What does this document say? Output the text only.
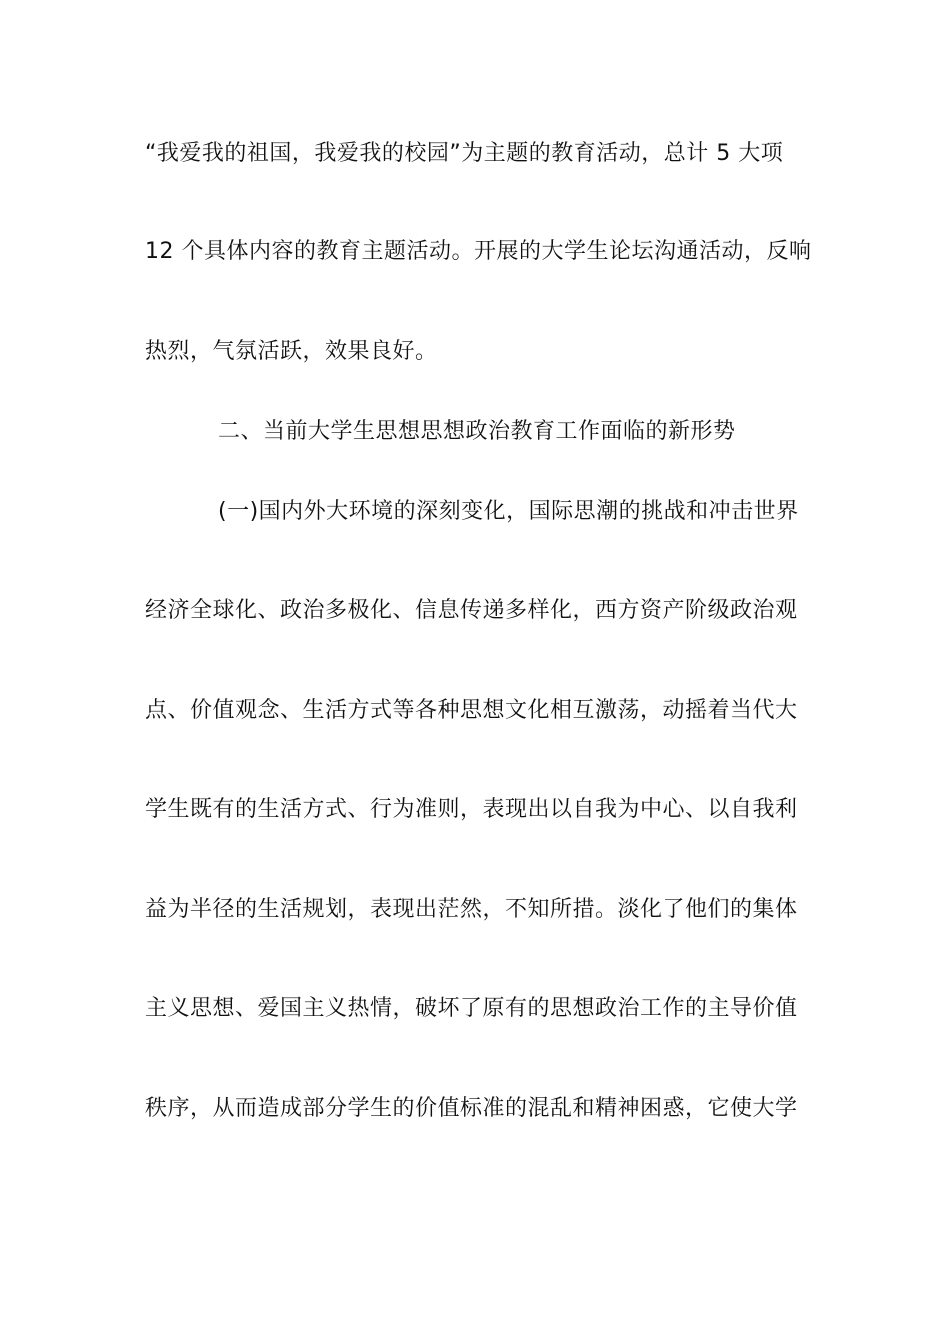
“我爱我的祖国，我爱我的校园”为主题的教育活动，总计 5 大项
12 个具体内容的教育主题活动。开展的大学生论坛沟通活动，反响
热烈，气氛活跃，效果良好。
二、当前大学生思想思想政治教育工作面临的新形势
(一)国内外大环境的深刻变化，国际思潮的挑战和冲击世界
经济全球化、政治多极化、信息传递多样化，西方资产阶级政治观
点、价值观念、生活方式等各种思想文化相互激荡，动摇着当代大
学生既有的生活方式、行为准则，表现出以自我为中心、以自我利
益为半径的生活规划，表现出茫然，不知所措。淡化了他们的集体
主义思想、爱国主义热情，破坏了原有的思想政治工作的主导价值
秩序，从而造成部分学生的价值标准的混乱和精神困惑，它使大学
